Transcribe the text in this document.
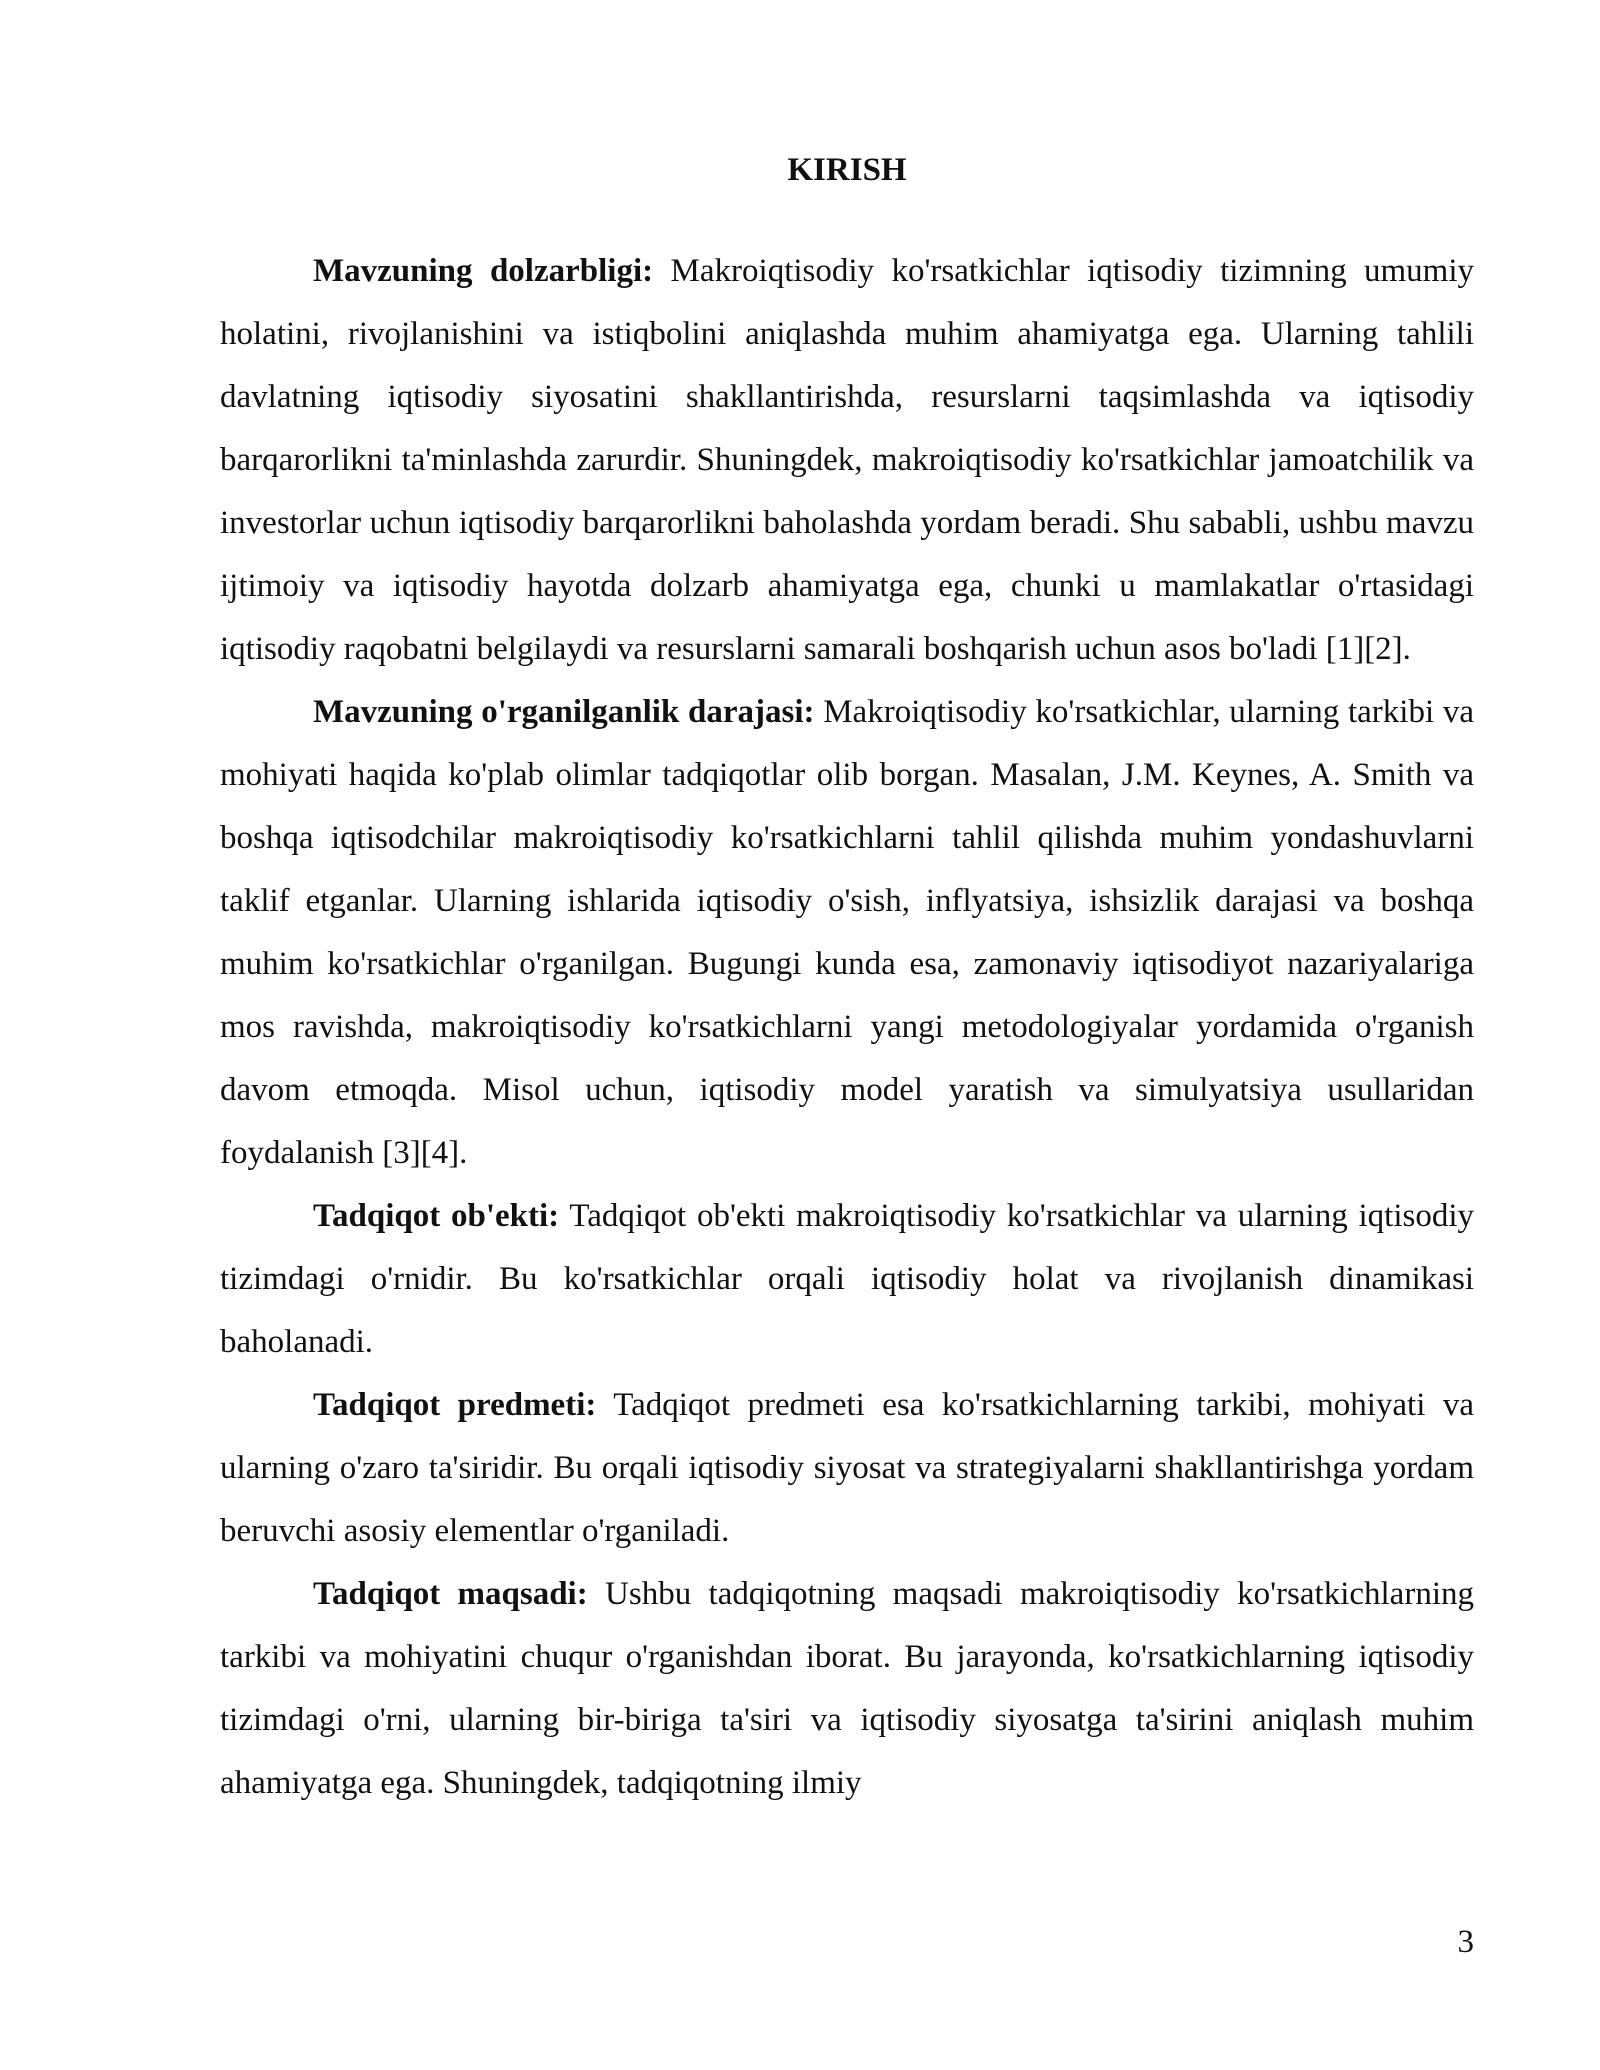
KIRISH

Mavzuning dolzarbligi: Makroiqtisodiy ko'rsatkichlar iqtisodiy tizimning umumiy holatini, rivojlanishini va istiqbolini aniqlashda muhim ahamiyatga ega. Ularning tahlili davlatning iqtisodiy siyosatini shakllantirishda, resurslarni taqsimlashda va iqtisodiy barqarorlikni ta'minlashda zarurdir. Shuningdek, makroiqtisodiy ko'rsatkichlar jamoatchilik va investorlar uchun iqtisodiy barqarorlikni baholashda yordam beradi. Shu sababli, ushbu mavzu ijtimoiy va iqtisodiy hayotda dolzarb ahamiyatga ega, chunki u mamlakatlar o'rtasidagi iqtisodiy raqobatni belgilaydi va resurslarni samarali boshqarish uchun asos bo'ladi [1][2].

Mavzuning o'rganilganlik darajasi: Makroiqtisodiy ko'rsatkichlar, ularning tarkibi va mohiyati haqida ko'plab olimlar tadqiqotlar olib borgan. Masalan, J.M. Keynes, A. Smith va boshqa iqtisodchilar makroiqtisodiy ko'rsatkichlarni tahlil qilishda muhim yondashuvlarni taklif etganlar. Ularning ishlarida iqtisodiy o'sish, inflyatsiya, ishsizlik darajasi va boshqa muhim ko'rsatkichlar o'rganilgan. Bugungi kunda esa, zamonaviy iqtisodiyot nazariyalariga mos ravishda, makroiqtisodiy ko'rsatkichlarni yangi metodologiyalar yordamida o'rganish davom etmoqda. Misol uchun, iqtisodiy model yaratish va simulyatsiya usullaridan foydalanish [3][4].

Tadqiqot ob'ekti: Tadqiqot ob'ekti makroiqtisodiy ko'rsatkichlar va ularning iqtisodiy tizimdagi o'rnidir. Bu ko'rsatkichlar orqali iqtisodiy holat va rivojlanish dinamikasi baholanadi.

Tadqiqot predmeti: Tadqiqot predmeti esa ko'rsatkichlarning tarkibi, mohiyati va ularning o'zaro ta'siridir. Bu orqali iqtisodiy siyosat va strategiyalarni shakllantirishga yordam beruvchi asosiy elementlar o'rganiladi.

Tadqiqot maqsadi: Ushbu tadqiqotning maqsadi makroiqtisodiy ko'rsatkichlarning tarkibi va mohiyatini chuqur o'rganishdan iborat. Bu jarayonda, ko'rsatkichlarning iqtisodiy tizimdagi o'rni, ularning bir-biriga ta'siri va iqtisodiy siyosatga ta'sirini aniqlash muhim ahamiyatga ega. Shuningdek, tadqiqotning ilmiy

3
